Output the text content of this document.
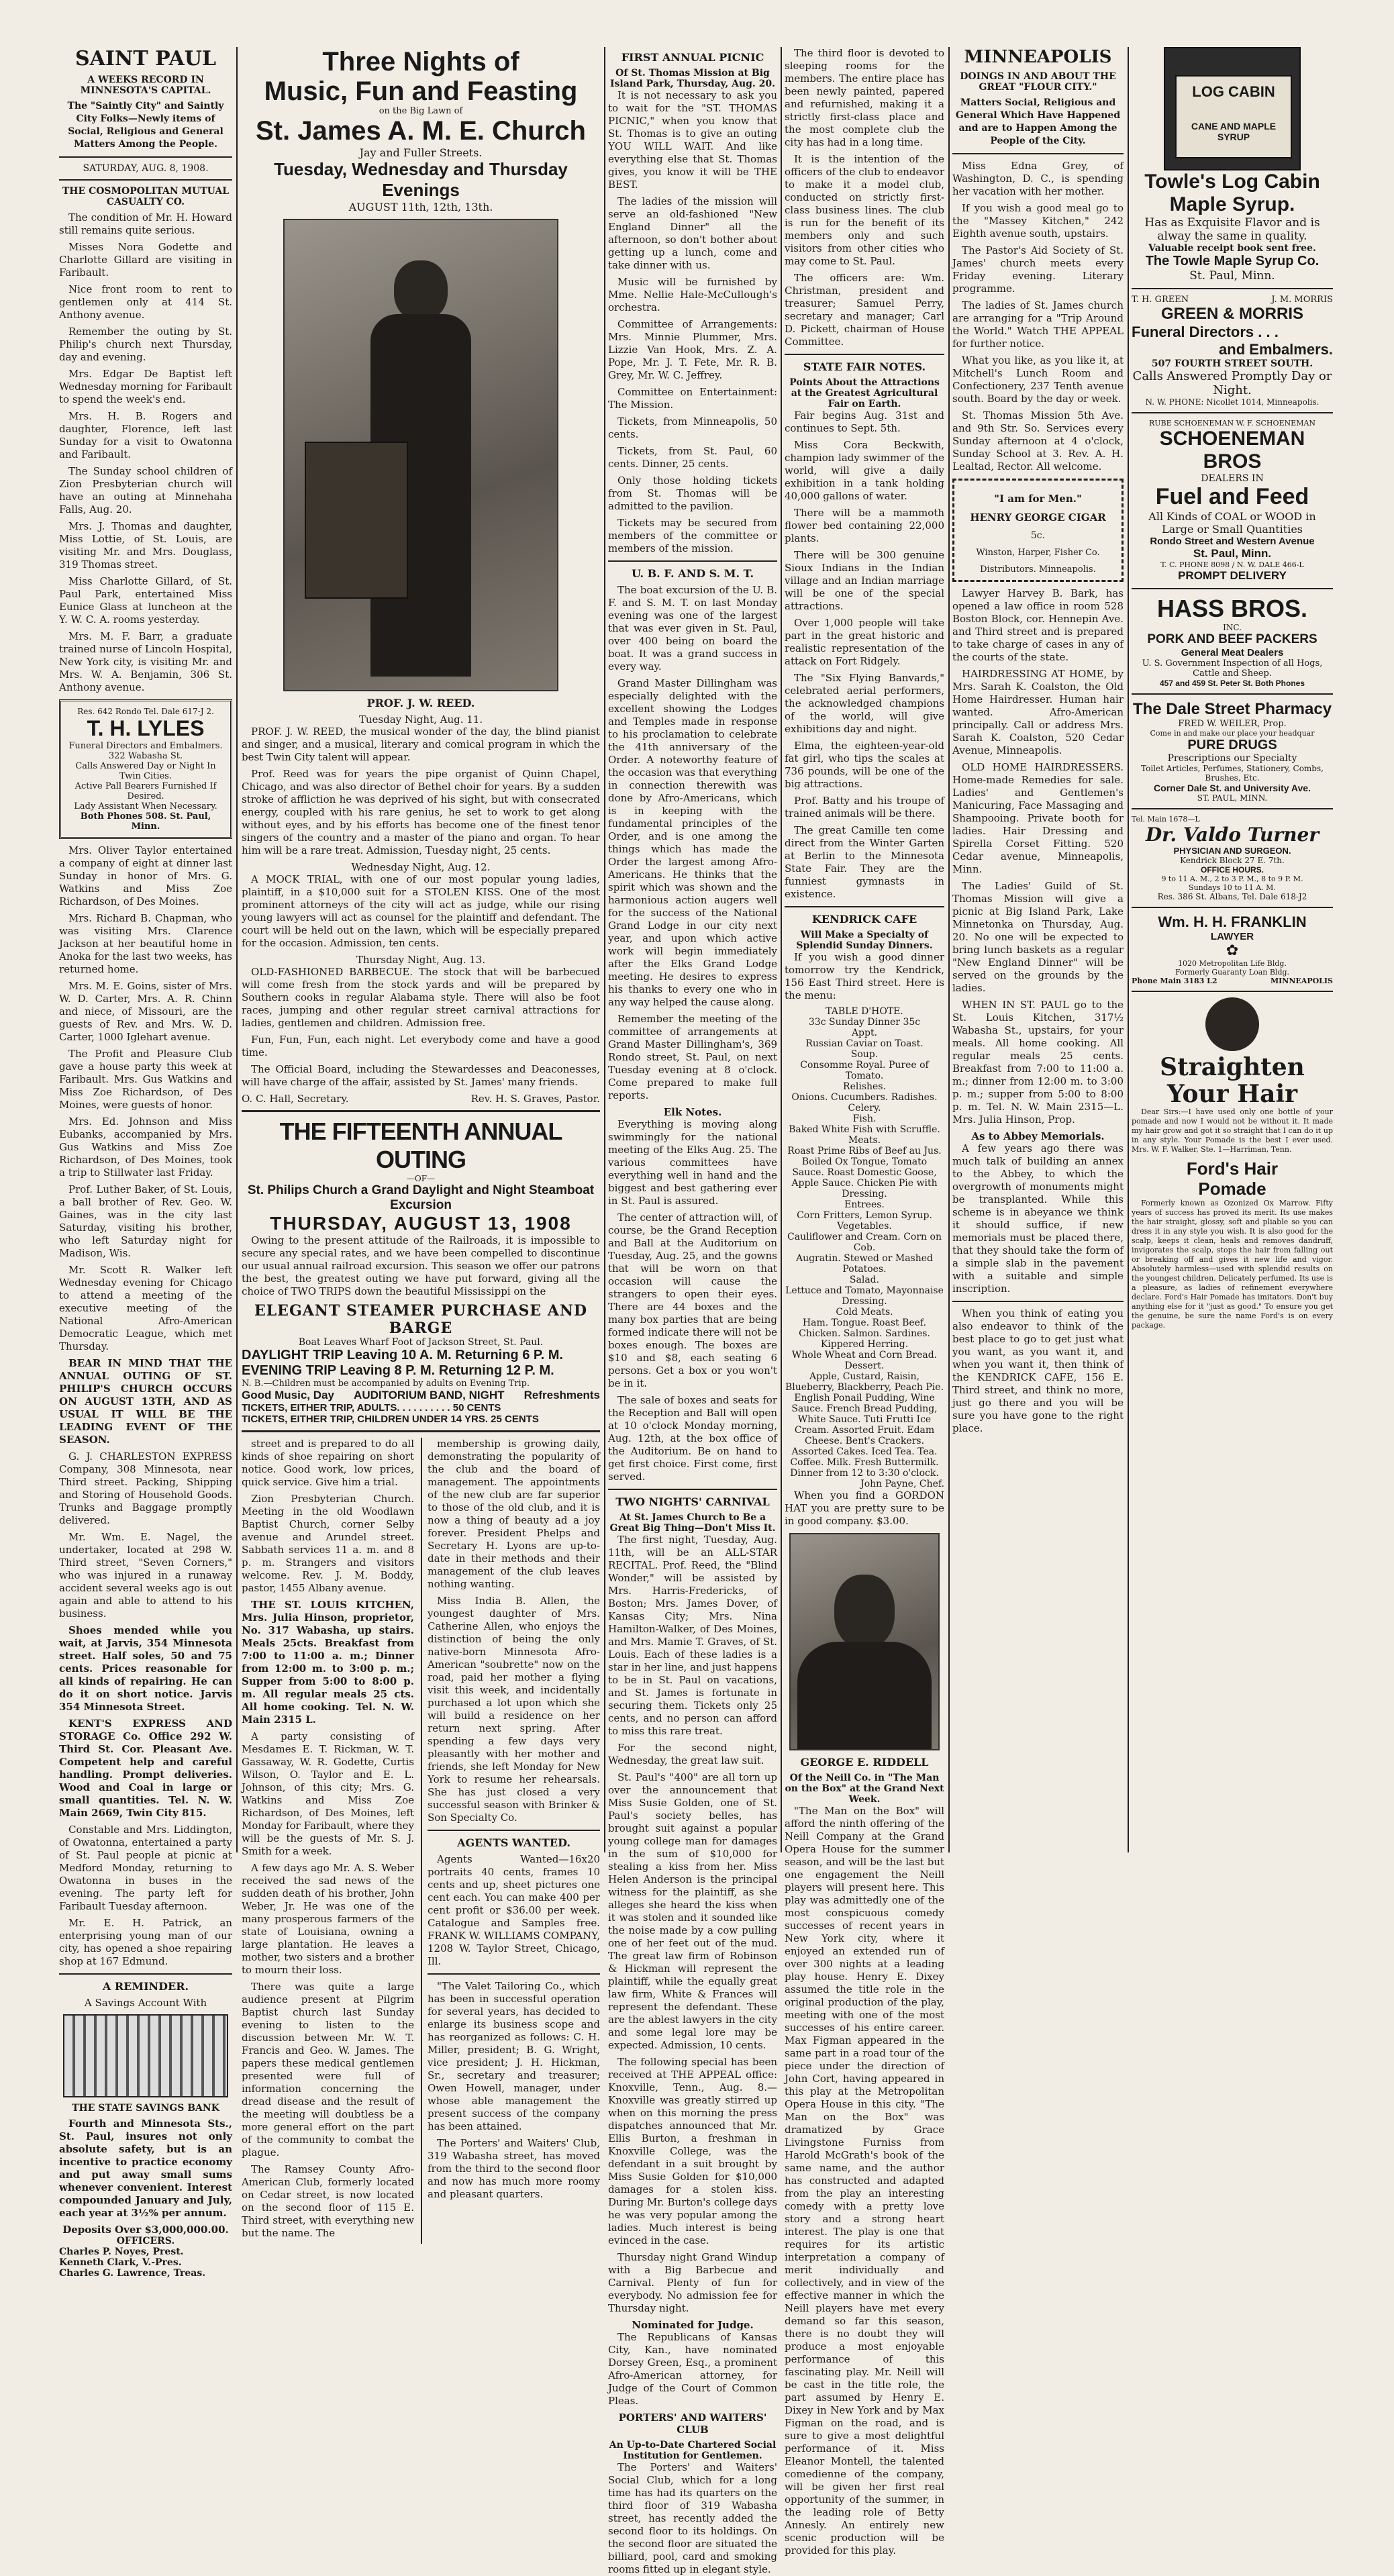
SAINT PAUL
A WEEKS RECORD IN MINNESOTA'S CAPITAL.
The "Saintly City" and Saintly City Folks—Newly items of Social, Religious and General Matters Among the People.
SATURDAY, AUG. 8, 1908.
THE COSMOPOLITAN MUTUAL CASUALTY CO.

The condition of Mr. H. Howard still remains quite serious.

Misses Nora Godette and Charlotte Gillard are visiting in Faribault.

Nice front room to rent to gentlemen only at 414 St. Anthony avenue.

Remember the outing by St. Philip's church next Thursday, day and evening.

Mrs. Edgar De Baptist left Wednesday morning for Faribault to spend the week's end.

Mrs. H. B. Rogers and daughter, Florence, left last Sunday for a visit to Owatonna and Faribault.

The Sunday school children of Zion Presbyterian church will have an outing at Minnehaha Falls, Aug. 20.

Mrs. J. Thomas and daughter, Miss Lottie, of St. Louis, are visiting Mr. and Mrs. Douglass, 319 Thomas street.

Miss Charlotte Gillard, of St. Paul Park, entertained Miss Eunice Glass at luncheon at the Y. W. C. A. rooms yesterday.

Mrs. M. F. Barr, a graduate trained nurse of Lincoln Hospital, New York city, is visiting Mr. and Mrs. W. A. Benjamin, 306 St. Anthony avenue.

Res. 642 Rondo Tel. Dale 617-J 2.
T. H. LYLES
Funeral Directors and Embalmers. 322 Wabasha St.
Calls Answered Day or Night In Twin Cities.
Active Pall Bearers Furnished If Desired.
Lady Assistant When Necessary.
Both Phones 508. St. Paul, Minn.

Mrs. Oliver Taylor entertained a company of eight at dinner last Sunday in honor of Mrs. G. Watkins and Miss Zoe Richardson, of Des Moines.

Mrs. Richard B. Chapman, who was visiting Mrs. Clarence Jackson at her beautiful home in Anoka for the last two weeks, has returned home.

Mrs. M. E. Goins, sister of Mrs. W. D. Carter, Mrs. A. R. Chinn and niece, of Missouri, are the guests of Rev. and Mrs. W. D. Carter, 1000 Iglehart avenue.

The Profit and Pleasure Club gave a house party this week at Faribault. Mrs. Gus Watkins and Miss Zoe Richardson, of Des Moines, were guests of honor.

Mrs. Ed. Johnson and Miss Eubanks, accompanied by Mrs. Gus Watkins and Miss Zoe Richardson, of Des Moines, took a trip to Stillwater last Friday.

Prof. Luther Baker, of St. Louis, a ball brother of Rev. Geo. W. Gaines, was in the city last Saturday, visiting his brother, who left Saturday night for Madison, Wis.

Mr. Scott R. Walker left Wednesday evening for Chicago to attend a meeting of the executive meeting of the National Afro-American Democratic League, which met Thursday.

BEAR IN MIND THAT THE ANNUAL OUTING OF ST. PHILIP'S CHURCH OCCURS ON AUGUST 13TH, AND AS USUAL IT WILL BE THE LEADING EVENT OF THE SEASON.

G. J. CHARLESTON EXPRESS Company, 308 Minnesota, near Third street. Packing, Shipping and Storing of Household Goods. Trunks and Baggage promptly delivered.

Mr. Wm. E. Nagel, the undertaker, located at 298 W. Third street, "Seven Corners," who was injured in a runaway accident several weeks ago is out again and able to attend to his business.

Shoes mended while you wait, at Jarvis, 354 Minnesota street. Half soles, 50 and 75 cents. Prices reasonable for all kinds of repairing. He can do it on short notice. Jarvis 354 Minnesota Street.

KENT'S EXPRESS AND STORAGE Co. Office 292 W. Third St. Cor. Pleasant Ave. Competent help and careful handling. Prompt deliveries. Wood and Coal in large or small quantities. Tel. N. W. Main 2669, Twin City 815.

Constable and Mrs. Liddington, of Owatonna, entertained a party of St. Paul people at picnic at Medford Monday, returning to Owatonna in buses in the evening. The party left for Faribault Tuesday afternoon.

Mr. E. H. Patrick, an enterprising young man of our city, has opened a shoe repairing shop at 167 Edmund.

A REMINDER.
A Savings Account With
THE STATE SAVINGS BANK

Fourth and Minnesota Sts., St. Paul, insures not only absolute safety, but is an incentive to practice economy and put away small sums whenever convenient. Interest compounded January and July, each year at 3½% per annum.

Deposits Over $3,000,000.00.
OFFICERS.
Charles P. Noyes, Prest.
Kenneth Clark, V.-Pres.
Charles G. Lawrence, Treas.
Three Nights of
Music, Fun and Feasting
on the Big Lawn of
St. James A. M. E. Church
Jay and Fuller Streets.
Tuesday, Wednesday and Thursday Evenings
AUGUST 11th, 12th, 13th.
PROF. J. W. REED.
Tuesday Night, Aug. 11.

PROF. J. W. REED, the musical wonder of the day, the blind pianist and singer, and a musical, literary and comical program in which the best Twin City talent will appear.

Prof. Reed was for years the pipe organist of Quinn Chapel, Chicago, and was also director of Bethel choir for years. By a sudden stroke of affliction he was deprived of his sight, but with consecrated energy, coupled with his rare genius, he set to work to get along without eyes, and by his efforts has become one of the finest tenor singers of the country and a master of the piano and organ. To hear him will be a rare treat. Admission, Tuesday night, 25 cents.

Wednesday Night, Aug. 12.

A MOCK TRIAL, with one of our most popular young ladies, plaintiff, in a $10,000 suit for a STOLEN KISS. One of the most prominent attorneys of the city will act as judge, while our rising young lawyers will act as counsel for the plaintiff and defendant. The court will be held out on the lawn, which will be especially prepared for the occasion. Admission, ten cents.

Thursday Night, Aug. 13.

OLD-FASHIONED BARBECUE. The stock that will be barbecued will come fresh from the stock yards and will be prepared by Southern cooks in regular Alabama style. There will also be foot races, jumping and other regular street carnival attractions for ladies, gentlemen and children. Admission free.

Fun, Fun, Fun, each night. Let everybody come and have a good time.

The Official Board, including the Stewardesses and Deaconesses, will have charge of the affair, assisted by St. James' many friends.

O. C. Hall, Secretary.	Rev. H. S. Graves, Pastor.
THE FIFTEENTH ANNUAL OUTING
—OF—
St. Philips Church a Grand Daylight and Night Steamboat Excursion
THURSDAY, AUGUST 13, 1908

Owing to the present attitude of the Railroads, it is impossible to secure any special rates, and we have been compelled to discontinue our usual annual railroad excursion. This season we offer our patrons the best, the greatest outing we have put forward, giving all the choice of TWO TRIPS down the beautiful Mississippi on the

ELEGANT STEAMER PURCHASE AND BARGE
Boat Leaves Wharf Foot of Jackson Street, St. Paul.
DAYLIGHT TRIP Leaving 10 A. M. Returning 6 P. M.
EVENING TRIP Leaving 8 P. M. Returning 12 P. M.
N. B.—Children must be accompanied by adults on Evening Trip.
Good Music, Day AUDITORIUM BAND, NIGHT Refreshments
TICKETS, EITHER TRIP, ADULTS. . . . . . . . . . 50 CENTS
TICKETS, EITHER TRIP, CHILDREN UNDER 14 YRS. 25 CENTS

street and is prepared to do all kinds of shoe repairing on short notice. Good work, low prices, quick service. Give him a trial.

Zion Presbyterian Church. Meeting in the old Woodlawn Baptist Church, corner Selby avenue and Arundel street. Sabbath services 11 a. m. and 8 p. m. Strangers and visitors welcome. Rev. J. M. Boddy, pastor, 1455 Albany avenue.

THE ST. LOUIS KITCHEN, Mrs. Julia Hinson, proprietor, No. 317 Wabasha, up stairs. Meals 25cts. Breakfast from 7:00 to 11:00 a. m.; Dinner from 12:00 m. to 3:00 p. m.; Supper from 5:00 to 8:00 p. m. All regular meals 25 cts. All home cooking. Tel. N. W. Main 2315 L.

A party consisting of Mesdames E. T. Rickman, W. T. Gassaway, W. R. Godette, Curtis Wilson, O. Taylor and E. L. Johnson, of this city; Mrs. G. Watkins and Miss Zoe Richardson, of Des Moines, left Monday for Faribault, where they will be the guests of Mr. S. J. Smith for a week.

A few days ago Mr. A. S. Weber received the sad news of the sudden death of his brother, John Weber, Jr. He was one of the many prosperous farmers of the state of Louisiana, owning a large plantation. He leaves a mother, two sisters and a brother to mourn their loss.

There was quite a large audience present at Pilgrim Baptist church last Sunday evening to listen to the discussion between Mr. W. T. Francis and Geo. W. James. The papers these medical gentlemen presented were full of information concerning the dread disease and the result of the meeting will doubtless be a more general effort on the part of the community to combat the plague.

The Ramsey County Afro-American Club, formerly located on Cedar street, is now located on the second floor of 115 E. Third street, with everything new but the name. The

membership is growing daily, demonstrating the popularity of the club and the board of management. The appointments of the new club are far superior to those of the old club, and it is now a thing of beauty ad a joy forever. President Phelps and Secretary H. Lyons are up-to-date in their methods and their management of the club leaves nothing wanting.

Miss India B. Allen, the youngest daughter of Mrs. Catherine Allen, who enjoys the distinction of being the only native-born Minnesota Afro-American "soubrette" now on the road, paid her mother a flying visit this week, and incidentally purchased a lot upon which she will build a residence on her return next spring. After spending a few days very pleasantly with her mother and friends, she left Monday for New York to resume her rehearsals. She has just closed a very successful season with Brinker & Son Specialty Co.

AGENTS WANTED.

Agents Wanted—16x20 portraits 40 cents, frames 10 cents and up, sheet pictures one cent each. You can make 400 per cent profit or $36.00 per week. Catalogue and Samples free. FRANK W. WILLIAMS COMPANY, 1208 W. Taylor Street, Chicago, Ill.

"The Valet Tailoring Co., which has been in successful operation for several years, has decided to enlarge its business scope and has reorganized as follows: C. H. Miller, president; B. G. Wright, vice president; J. H. Hickman, Sr., secretary and treasurer; Owen Howell, manager, under whose able management the present success of the company has been attained.

The Porters' and Waiters' Club, 319 Wabasha street, has moved from the third to the second floor and now has much more roomy and pleasant quarters.

FIRST ANNUAL PICNIC
Of St. Thomas Mission at Big Island Park, Thursday, Aug. 20.

It is not necessary to ask you to wait for the "ST. THOMAS PICNIC," when you know that St. Thomas is to give an outing YOU WILL WAIT. And like everything else that St. Thomas gives, you know it will be THE BEST.

The ladies of the mission will serve an old-fashioned "New England Dinner" all the afternoon, so don't bother about getting up a lunch, come and take dinner with us.

Music will be furnished by Mme. Nellie Hale-McCullough's orchestra.

Committee of Arrangements: Mrs. Minnie Plummer, Mrs. Lizzie Van Hook, Mrs. Z. A. Pope, Mr. J. T. Fete, Mr. R. B. Grey, Mr. W. C. Jeffrey.

Committee on Entertainment: The Mission.

Tickets, from Minneapolis, 50 cents.

Tickets, from St. Paul, 60 cents. Dinner, 25 cents.

Only those holding tickets from St. Thomas will be admitted to the pavilion.

Tickets may be secured from members of the committee or members of the mission.

U. B. F. AND S. M. T.

The boat excursion of the U. B. F. and S. M. T. on last Monday evening was one of the largest that was ever given in St. Paul, over 400 being on board the boat. It was a grand success in every way.

Grand Master Dillingham was especially delighted with the excellent showing the Lodges and Temples made in response to his proclamation to celebrate the 41th anniversary of the Order. A noteworthy feature of the occasion was that everything in connection therewith was done by Afro-Americans, which is in keeping with the fundamental principles of the Order, and is one among the things which has made the Order the largest among Afro-Americans. He thinks that the spirit which was shown and the harmonious action augers well for the success of the National Grand Lodge in our city next year, and upon which active work will begin immediately after the Elks Grand Lodge meeting. He desires to express his thanks to every one who in any way helped the cause along.

Remember the meeting of the committee of arrangements at Grand Master Dillingham's, 369 Rondo street, St. Paul, on next Tuesday evening at 8 o'clock. Come prepared to make full reports.

Elk Notes.

Everything is moving along swimmingly for the national meeting of the Elks Aug. 25. The various committees have everything well in hand and the biggest and best gathering ever in St. Paul is assured.

The center of attraction will, of course, be the Grand Reception and Ball at the Auditorium on Tuesday, Aug. 25, and the gowns that will be worn on that occasion will cause the strangers to open their eyes. There are 44 boxes and the many box parties that are being formed indicate there will not be boxes enough. The boxes are $10 and $8, each seating 6 persons. Get a box or you won't be in it.

The sale of boxes and seats for the Reception and Ball will open at 10 o'clock Monday morning, Aug. 12th, at the box office of the Auditorium. Be on hand to get first choice. First come, first served.

TWO NIGHTS' CARNIVAL
At St. James Church to Be a Great Big Thing—Don't Miss It.

The first night, Tuesday, Aug. 11th, will be an ALL-STAR RECITAL. Prof. Reed, the "Blind Wonder," will be assisted by Mrs. Harris-Fredericks, of Boston; Mrs. James Dover, of Kansas City; Mrs. Nina Hamilton-Walker, of Des Moines, and Mrs. Mamie T. Graves, of St. Louis. Each of these ladies is a star in her line, and just happens to be in St. Paul on vacations, and St. James is fortunate in securing them. Tickets only 25 cents, and no person can afford to miss this rare treat.

For the second night, Wednesday, the great law suit.

St. Paul's "400" are all torn up over the announcement that Miss Susie Golden, one of St. Paul's society belles, has brought suit against a popular young college man for damages in the sum of $10,000 for stealing a kiss from her. Miss Helen Anderson is the principal witness for the plaintiff, as she alleges she heard the kiss when it was stolen and it sounded like the noise made by a cow pulling one of her feet out of the mud. The great law firm of Robinson & Hickman will represent the plaintiff, while the equally great law firm, White & Frances will represent the defendant. These are the ablest lawyers in the city and some legal lore may be expected. Admission, 10 cents.

The following special has been received at THE APPEAL office: Knoxville, Tenn., Aug. 8.—Knoxville was greatly stirred up when on this morning the press dispatches announced that Mr. Ellis Burton, a freshman in Knoxville College, was the defendant in a suit brought by Miss Susie Golden for $10,000 damages for a stolen kiss. During Mr. Burton's college days he was very popular among the ladies. Much interest is being evinced in the case.

Thursday night Grand Windup with a Big Barbecue and Carnival. Plenty of fun for everybody. No admission fee for Thursday night.

Nominated for Judge.

The Republicans of Kansas City, Kan., have nominated Dorsey Green, Esq., a prominent Afro-American attorney, for Judge of the Court of Common Pleas.

PORTERS' AND WAITERS' CLUB
An Up-to-Date Chartered Social Institution for Gentlemen.

The Porters' and Waiters' Social Club, which for a long time has had its quarters on the third floor of 319 Wabasha street, has recently added the second floor to its holdings. On the second floor are situated the billiard, pool, card and smoking rooms fitted up in elegant style.

The third floor is devoted to sleeping rooms for the members. The entire place has been newly painted, papered and refurnished, making it a strictly first-class place and the most complete club the city has had in a long time.

It is the intention of the officers of the club to endeavor to make it a model club, conducted on strictly first-class business lines. The club is run for the benefit of its members only and such visitors from other cities who may come to St. Paul.

The officers are: Wm. Christman, president and treasurer; Samuel Perry, secretary and manager; Carl D. Pickett, chairman of House Committee.

STATE FAIR NOTES.
Points About the Attractions at the Greatest Agricultural Fair on Earth.

Fair begins Aug. 31st and continues to Sept. 5th.

Miss Cora Beckwith, champion lady swimmer of the world, will give a daily exhibition in a tank holding 40,000 gallons of water.

There will be a mammoth flower bed containing 22,000 plants.

There will be 300 genuine Sioux Indians in the Indian village and an Indian marriage will be one of the special attractions.

Over 1,000 people will take part in the great historic and realistic representation of the attack on Fort Ridgely.

The "Six Flying Banvards," celebrated aerial performers, the acknowledged champions of the world, will give exhibitions day and night.

Elma, the eighteen-year-old fat girl, who tips the scales at 736 pounds, will be one of the big attractions.

Prof. Batty and his troupe of trained animals will be there.

The great Camille ten come direct from the Winter Garten at Berlin to the Minnesota State Fair. They are the funniest gymnasts in existence.

KENDRICK CAFE
Will Make a Specialty of Splendid Sunday Dinners.

If you wish a good dinner tomorrow try the Kendrick, 156 East Third street. Here is the menu:

TABLE D'HOTE.
33c Sunday Dinner 35c
Appt.
Russian Caviar on Toast.
Soup.
Consomme Royal. Puree of Tomato.
Relishes.
Onions. Cucumbers. Radishes. Celery.
Fish.
Baked White Fish with Scruffle.
Meats.
Roast Prime Ribs of Beef au Jus. Boiled Ox Tongue, Tomato Sauce. Roast Domestic Goose, Apple Sauce. Chicken Pie with Dressing.
Entrees.
Corn Fritters, Lemon Syrup.
Vegetables.
Cauliflower and Cream. Corn on Cob.
Augratin. Stewed or Mashed Potatoes.
Salad.
Lettuce and Tomato, Mayonnaise Dressing.
Cold Meats.
Ham. Tongue. Roast Beef. Chicken. Salmon. Sardines. Kippered Herring.
Whole Wheat and Corn Bread.
Dessert.
Apple, Custard, Raisin, Blueberry, Blackberry, Peach Pie. English Ponail Pudding, Wine Sauce. French Bread Pudding, White Sauce. Tuti Frutti Ice Cream. Assorted Fruit. Edam Cheese. Bent's Crackers. Assorted Cakes. Iced Tea. Tea. Coffee. Milk. Fresh Buttermilk.
Dinner from 12 to 3:30 o'clock.
John Payne, Chef.

When you find a GORDON HAT you are pretty sure to be in good company. $3.00.

GEORGE E. RIDDELL
Of the Neill Co. in "The Man on the Box" at the Grand Next Week.

"The Man on the Box" will afford the ninth offering of the Neill Company at the Grand Opera House for the summer season, and will be the last but one engagement the Neill players will present here. This play was admittedly one of the most conspicuous comedy successes of recent years in New York city, where it enjoyed an extended run of over 300 nights at a leading play house. Henry E. Dixey assumed the title role in the original production of the play, meeting with one of the most successes of his entire career. Max Figman appeared in the same part in a road tour of the piece under the direction of John Cort, having appeared in this play at the Metropolitan Opera House in this city. "The Man on the Box" was dramatized by Grace Livingstone Furniss from Harold McGrath's book of the same name, and the author has constructed and adapted from the play an interesting comedy with a pretty love story and a strong heart interest. The play is one that requires for its artistic interpretation a company of merit individually and collectively, and in view of the effective manner in which the Neill players have met every demand so far this season, there is no doubt they will produce a most enjoyable performance of this fascinating play. Mr. Neill will be cast in the title role, the part assumed by Henry E. Dixey in New York and by Max Figman on the road, and is sure to give a most delightful performance of it. Miss Eleanor Montell, the talented comedienne of the company, will be given her first real opportunity of the summer, in the leading role of Betty Annesly. An entirely new scenic production will be provided for this play.

MINNEAPOLIS
DOINGS IN AND ABOUT THE GREAT "FLOUR CITY."
Matters Social, Religious and General Which Have Happened and are to Happen Among the People of the City.

Miss Edna Grey, of Washington, D. C., is spending her vacation with her mother.

If you wish a good meal go to the "Massey Kitchen," 242 Eighth avenue south, upstairs.

The Pastor's Aid Society of St. James' church meets every Friday evening. Literary programme.

The ladies of St. James church are arranging for a "Trip Around the World." Watch THE APPEAL for further notice.

What you like, as you like it, at Mitchell's Lunch Room and Confectionery, 237 Tenth avenue south. Board by the day or week.

St. Thomas Mission 5th Ave. and 9th Str. So. Services every Sunday afternoon at 4 o'clock, Sunday School at 3. Rev. A. H. Lealtad, Rector. All welcome.

"I am for Men."
HENRY GEORGE CIGAR
5c.
Winston, Harper, Fisher Co.
Distributors. Minneapolis.

Lawyer Harvey B. Bark, has opened a law office in room 528 Boston Block, cor. Hennepin Ave. and Third street and is prepared to take charge of cases in any of the courts of the state.

HAIRDRESSING AT HOME, by Mrs. Sarah K. Coalston, the Old Home Hairdresser. Human hair wanted. Afro-American principally. Call or address Mrs. Sarah K. Coalston, 520 Cedar Avenue, Minneapolis.

OLD HOME HAIRDRESSERS. Home-made Remedies for sale. Ladies' and Gentlemen's Manicuring, Face Massaging and Shampooing. Private booth for ladies. Hair Dressing and Spirella Corset Fitting. 520 Cedar avenue, Minneapolis, Minn.

The Ladies' Guild of St. Thomas Mission will give a picnic at Big Island Park, Lake Minnetonka on Thursday, Aug. 20. No one will be expected to bring lunch baskets as a regular "New England Dinner" will be served on the grounds by the ladies.

WHEN IN ST. PAUL go to the St. Louis Kitchen, 317½ Wabasha St., upstairs, for your meals. All home cooking. All regular meals 25 cents. Breakfast from 7:00 to 11:00 a. m.; dinner from 12:00 m. to 3:00 p. m.; supper from 5:00 to 8:00 p. m. Tel. N. W. Main 2315—L. Mrs. Julia Hinson, Prop.

As to Abbey Memorials.

A few years ago there was much talk of building an annex to the Abbey, to which the overgrowth of monuments might be transplanted. While this scheme is in abeyance we think it should suffice, if new memorials must be placed there, that they should take the form of a simple slab in the pavement with a suitable and simple inscription.

When you think of eating you also endeavor to think of the best place to go to get just what you want, as you want it, and when you want it, then think of the KENDRICK CAFE, 156 E. Third street, and think no more, just go there and you will be sure you have gone to the right place.

LOG CABIN
CANE AND MAPLE SYRUP
Towle's Log Cabin Maple Syrup.
Has as Exquisite Flavor and is alway the same in quality.
Valuable receipt book sent free.
The Towle Maple Syrup Co.
St. Paul, Minn.
T. H. GREEN	J. M. MORRIS
GREEN & MORRIS
Funeral Directors . . .
and Embalmers.
507 FOURTH STREET SOUTH.
Calls Answered Promptly Day or Night.
N. W. PHONE: Nicollet 1014, Minneapolis.
RUBE SCHOENEMAN W. F. SCHOENEMAN
SCHOENEMAN BROS
DEALERS IN
Fuel and Feed
All Kinds of COAL or WOOD in Large or Small Quantities
Rondo Street and Western Avenue
St. Paul, Minn.
T. C. PHONE 8098 / N. W. DALE 466-L
PROMPT DELIVERY
HASS BROS.
INC.
PORK AND BEEF PACKERS
General Meat Dealers
U. S. Government Inspection of all Hogs, Cattle and Sheep.
457 and 459 St. Peter St. Both Phones
The Dale Street Pharmacy
FRED W. WEILER, Prop.
Come in and make our place your headquar
PURE DRUGS
Prescriptions our Specialty
Toilet Articles, Perfumes, Stationery, Combs, Brushes, Etc.
Corner Dale St. and University Ave.
ST. PAUL, MINN.
Tel. Main 1678—L
Dr. Valdo Turner
PHYSICIAN AND SURGEON.
Kendrick Block 27 E. 7th.
OFFICE HOURS.
9 to 11 A. M., 2 to 3 P. M., 8 to 9 P. M.
Sundays 10 to 11 A. M.
Res. 386 St. Albans, Tel. Dale 618-J2
Wm. H. H. FRANKLIN
LAWYER
✿
1020 Metropolitan Life Bldg.
Formerly Guaranty Loan Bldg.
Phone Main 3183 L2	MINNEAPOLIS
Straighten
Your Hair

Dear Sirs:—I have used only one bottle of your pomade and now I would not be without it. It made my hair grow and got it so straight that I can do it up in any style. Your Pomade is the best I ever used. Mrs. W. F. Walker, Ste. 1—Harriman, Tenn.

Ford's Hair
Pomade

Formerly known as Ozonized Ox Marrow. Fifty years of success has proved its merit. Its use makes the hair straight, glossy, soft and pliable so you can dress it in any style you wish. It is also good for the scalp, keeps it clean, heals and removes dandruff, invigorates the scalp, stops the hair from falling out or breaking off and gives it new life and vigor. Absolutely harmless—used with splendid results on the youngest children. Delicately perfumed. Its use is a pleasure, as ladies of refinement everywhere declare. Ford's Hair Pomade has imitators. Don't buy anything else for it "just as good." To ensure you get the genuine, be sure the name Ford's is on every package.
